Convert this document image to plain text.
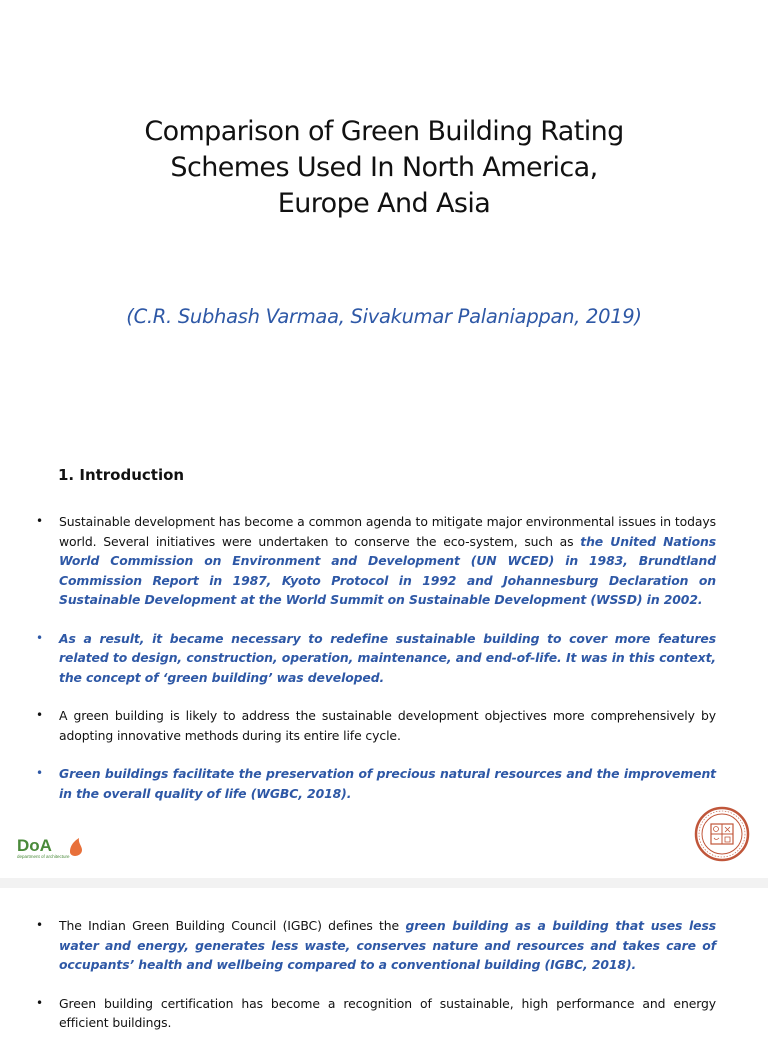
Comparison of Green Building Rating
Schemes Used In North America,
Europe And Asia
(C.R. Subhash Varmaa, Sivakumar Palaniappan, 2019)
1. Introduction
• Sustainable development has become a common agenda to mitigate major environmental issues in todays world. Several initiatives were undertaken to conserve the eco-system, such as the United Nations World Commission on Environment and Development (UN WCED) in 1983, Brundtland Commission Report in 1987, Kyoto Protocol in 1992 and Johannesburg Declaration on Sustainable Development at the World Summit on Sustainable Development (WSSD) in 2002.
• As a result, it became necessary to redefine sustainable building to cover more features related to design, construction, operation, maintenance, and end-of-life. It was in this context, the concept of ‘green building’ was developed.
• A green building is likely to address the sustainable development objectives more comprehensively by adopting innovative methods during its entire life cycle.
• Green buildings facilitate the preservation of precious natural resources and the improvement in the overall quality of life (WGBC, 2018).
DoA
department of architecture
• The Indian Green Building Council (IGBC) defines the green building as a building that uses less water and energy, generates less waste, conserves nature and resources and takes care of occupants’ health and wellbeing compared to a conventional building (IGBC, 2018).
• Green building certification has become a recognition of sustainable, high performance and energy efficient buildings.
